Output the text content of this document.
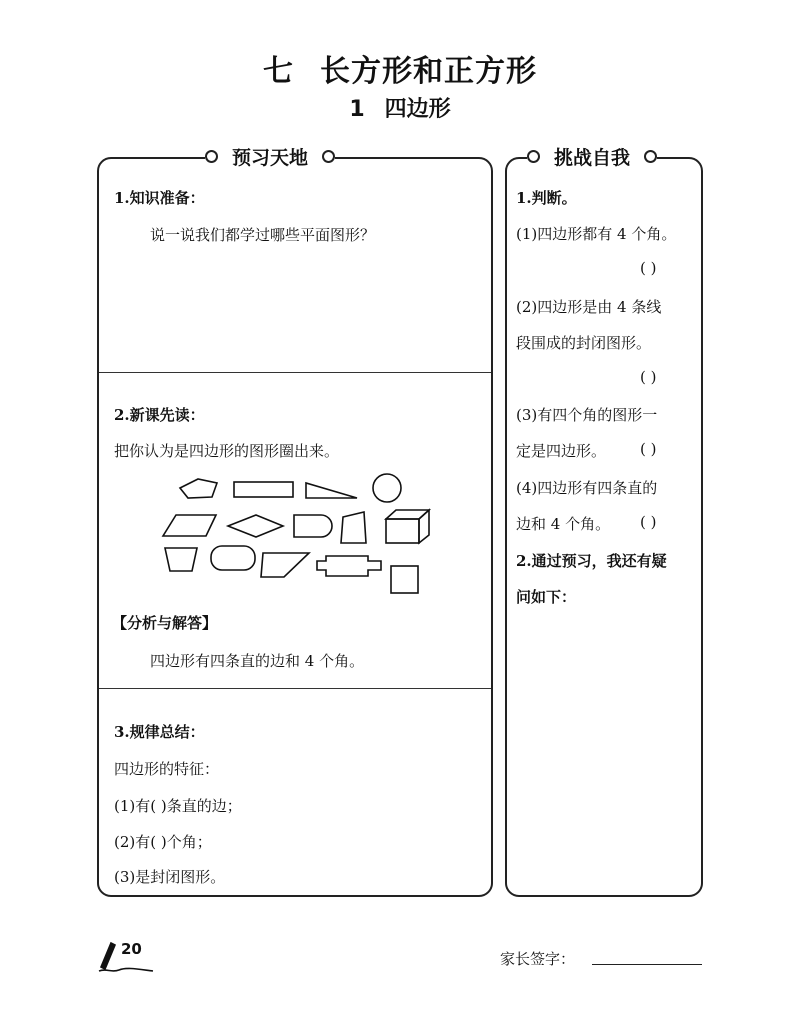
七 长方形和正方形
1 四边形
预习天地	挑战自我
1.知识准备：
说一说我们都学过哪些平面图形？
2.新课先读：
把你认为是四边形的图形圈出来。
【分析与解答】
四边形有四条直的边和 4 个角。
3.规律总结：
四边形的特征：
(1)有( )条直的边；
(2)有( )个角；
(3)是封闭图形。
1.判断。
(1)四边形都有 4 个角。
( )
(2)四边形是由 4 条线
段围成的封闭图形。
( )
(3)有四个角的图形一
定是四边形。 ( )
(4)四边形有四条直的
边和 4 个角。 ( )
2.通过预习，我还有疑
问如下：
20
家长签字：
